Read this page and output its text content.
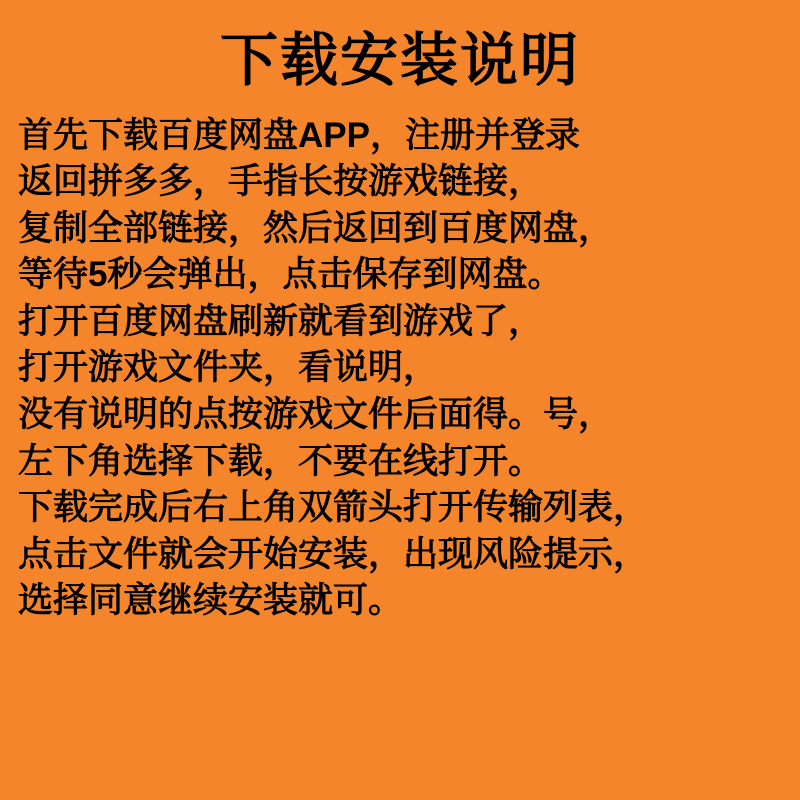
下载安装说明
首先下载百度网盘APP，注册并登录
返回拼多多，手指长按游戏链接，
复制全部链接，然后返回到百度网盘，
等待5秒会弹出，点击保存到网盘。
打开百度网盘刷新就看到游戏了，
打开游戏文件夹，看说明，
没有说明的点按游戏文件后面得。号，
左下角选择下载，不要在线打开。
下载完成后右上角双箭头打开传输列表，
点击文件就会开始安装，出现风险提示，
选择同意继续安装就可。
